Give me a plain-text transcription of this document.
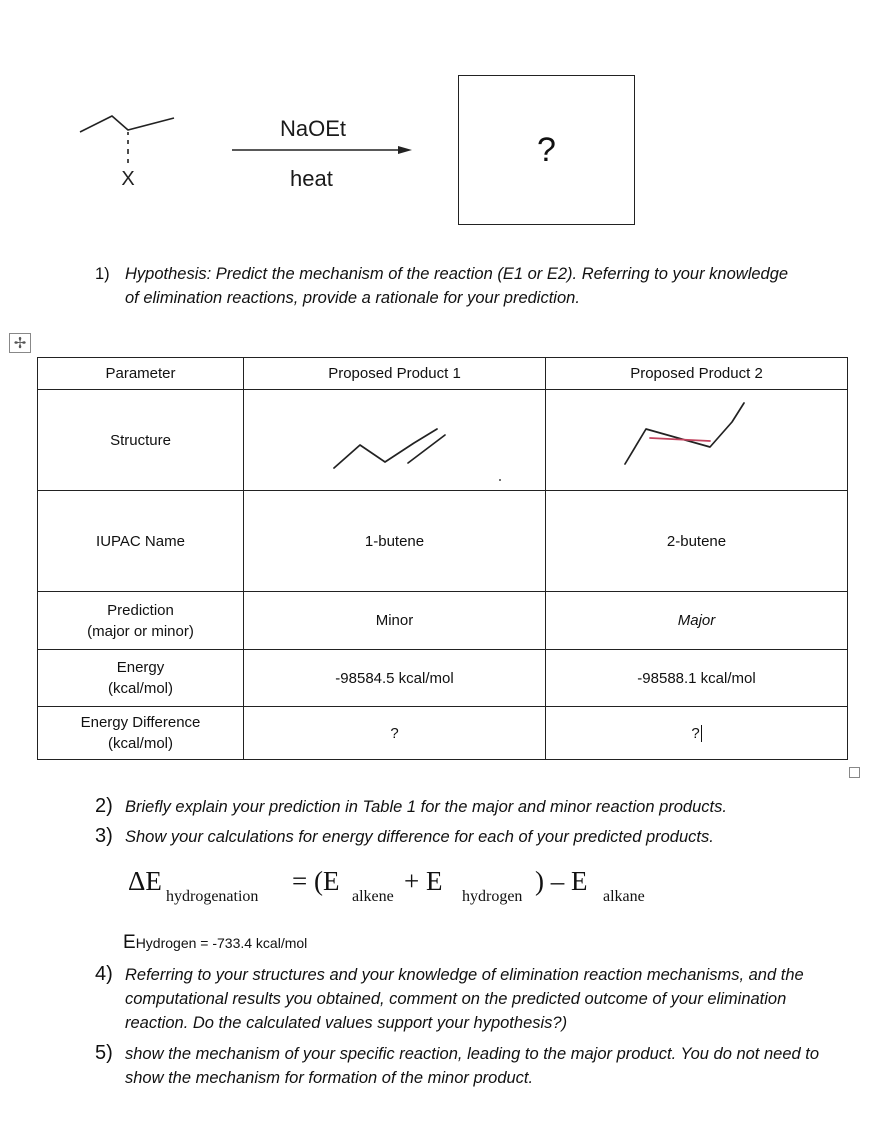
X
NaOEt
heat
?
1) Hypothesis: Predict the mechanism of the reaction (E1 or E2). Referring to your knowledge of elimination reactions, provide a rationale for your prediction.
✢
Parameter	Proposed Product 1	Proposed Product 2
Structure	

IUPAC Name	1-butene	2-butene

Prediction
(major or minor)	Minor	Major

Energy
(kcal/mol)	-98584.5 kcal/mol	-98588.1 kcal/mol

Energy Difference
(kcal/mol)	?	?
2) Briefly explain your prediction in Table 1 for the major and minor reaction products.
3) Show your calculations for energy difference for each of your predicted products.
ΔE
hydrogenation
= (E
alkene
+ E
hydrogen
) – E
alkane
EHydrogen = -733.4 kcal/mol
4) Referring to your structures and your knowledge of elimination reaction mechanisms, and the computational results you obtained, comment on the predicted outcome of your elimination reaction. Do the calculated values support your hypothesis?)
5) show the mechanism of your specific reaction, leading to the major product. You do not need to show the mechanism for formation of the minor product.
